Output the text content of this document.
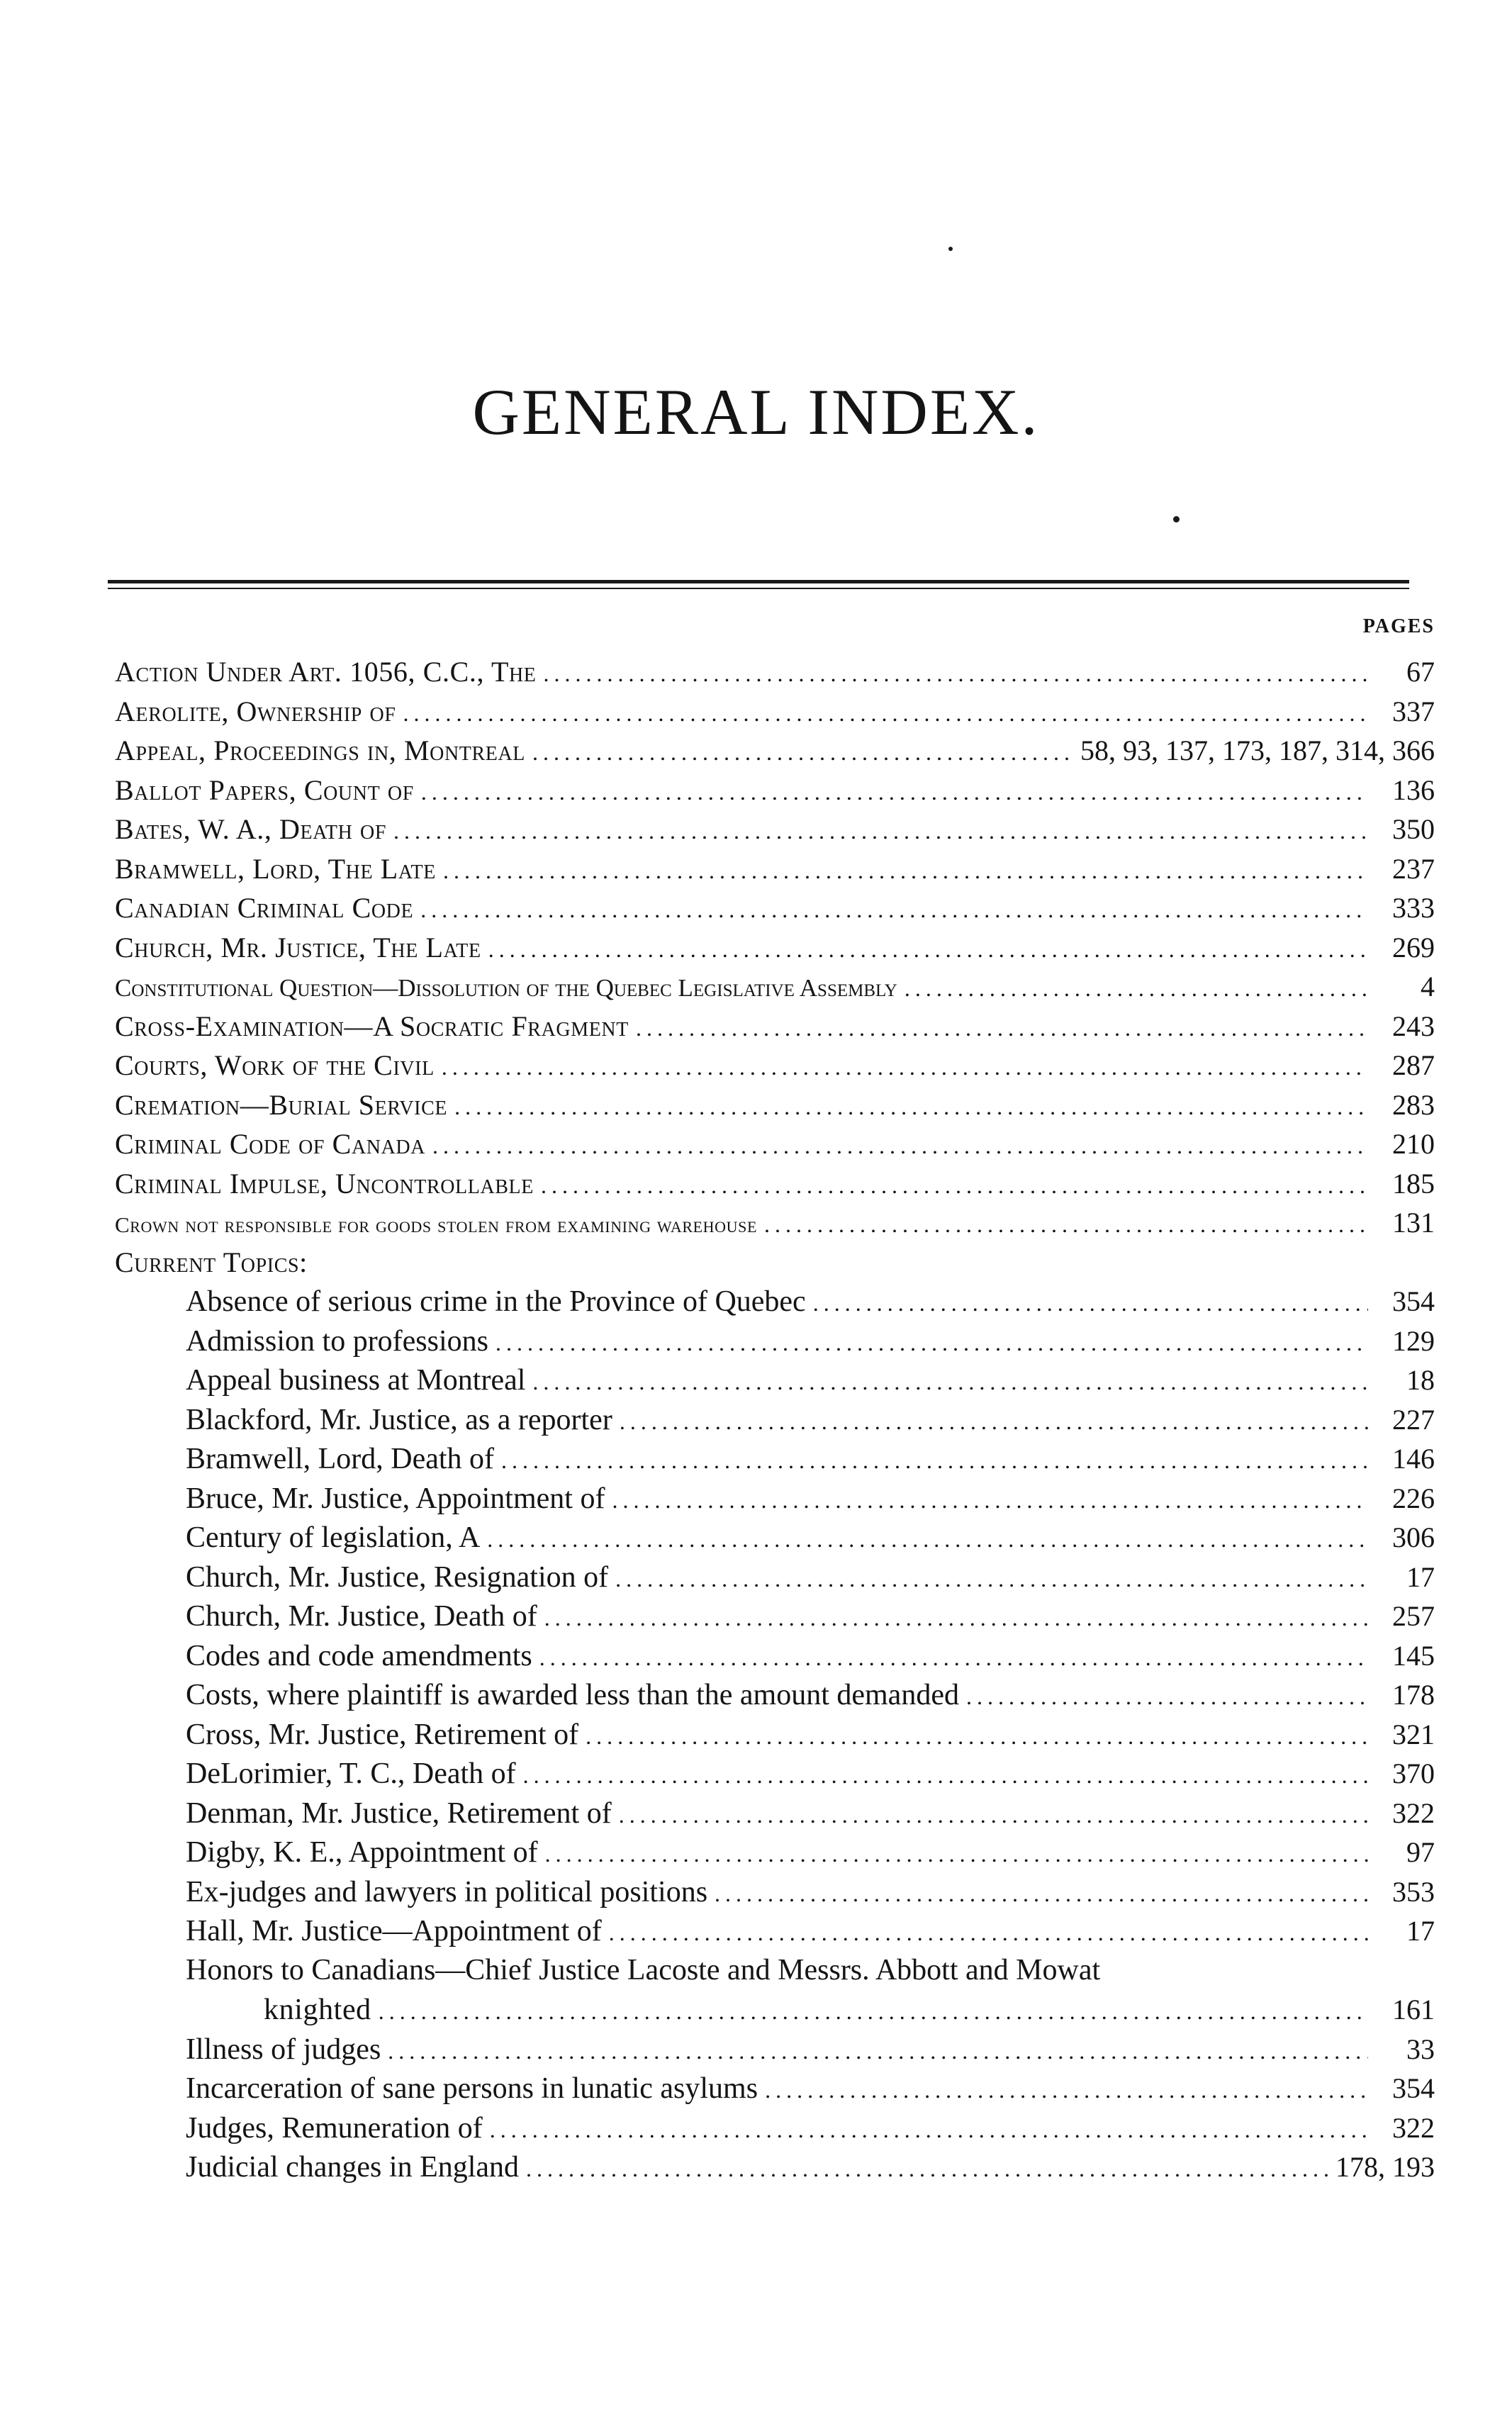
GENERAL INDEX.
PAGES
Action Under Art. 1056, C.C., The .....	67
Aerolite, Ownership of .....	337
Appeal, Proceedings in, Montreal .....	58, 93, 137, 173, 187, 314, 366
Ballot Papers, Count of .....	136
Bates, W. A., Death of .....	350
Bramwell, Lord, The Late .....	237
Canadian Criminal Code .....	333
Church, Mr. Justice, The Late .....	269
Constitutional Question—Dissolution of the Quebec Legislative Assembly .....	4
Cross-Examination—A Socratic Fragment .....	243
Courts, Work of the Civil .....	287
Cremation—Burial Service .....	283
Criminal Code of Canada .....	210
Criminal Impulse, Uncontrollable .....	185
Crown not responsible for goods stolen from examining warehouse .....	131
Current Topics:
Absence of serious crime in the Province of Quebec .....	354
Admission to professions .....	129
Appeal business at Montreal .....	18
Blackford, Mr. Justice, as a reporter .....	227
Bramwell, Lord, Death of .....	146
Bruce, Mr. Justice, Appointment of .....	226
Century of legislation, A .....	306
Church, Mr. Justice, Resignation of .....	17
Church, Mr. Justice, Death of .....	257
Codes and code amendments .....	145
Costs, where plaintiff is awarded less than the amount demanded .....	178
Cross, Mr. Justice, Retirement of .....	321
DeLorimier, T. C., Death of .....	370
Denman, Mr. Justice, Retirement of .....	322
Digby, K. E., Appointment of .....	97
Ex-judges and lawyers in political positions .....	353
Hall, Mr. Justice—Appointment of .....	17
Honors to Canadians—Chief Justice Lacoste and Messrs. Abbott and Mowat
knighted .....	161
Illness of judges .....	33
Incarceration of sane persons in lunatic asylums .....	354
Judges, Remuneration of .....	322
Judicial changes in England .....	178, 193
